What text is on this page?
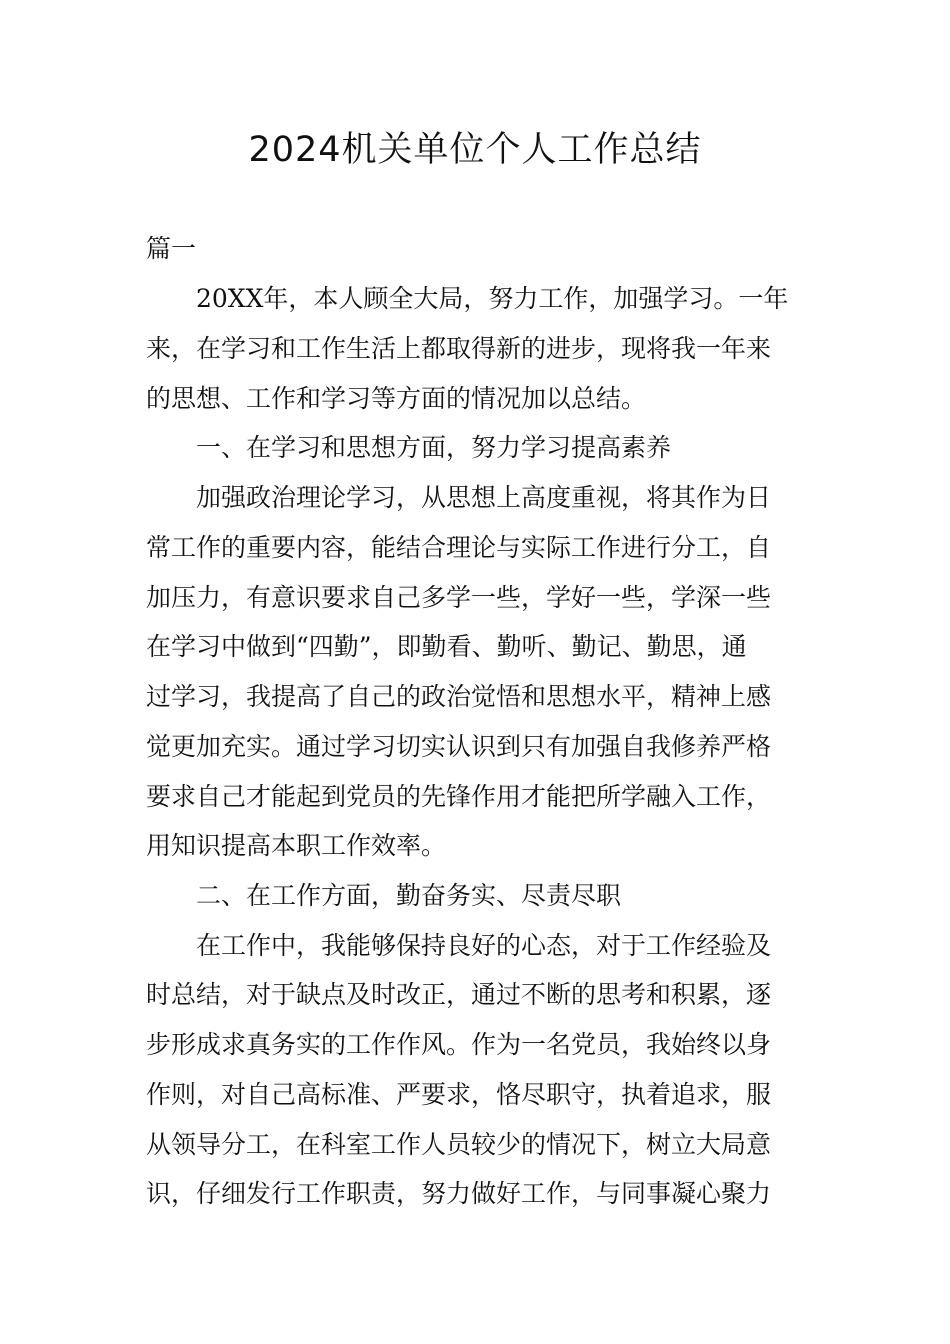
2024机关单位个人工作总结

篇一

20XX年，本人顾全大局，努力工作，加强学习。一年

来，在学习和工作生活上都取得新的进步，现将我一年来

的思想、工作和学习等方面的情况加以总结。

一、在学习和思想方面，努力学习提高素养

加强政治理论学习，从思想上高度重视，将其作为日

常工作的重要内容，能结合理论与实际工作进行分工，自

加压力，有意识要求自己多学一些，学好一些，学深一些

在学习中做到“四勤”，即勤看、勤听、勤记、勤思，通

过学习，我提高了自己的政治觉悟和思想水平，精神上感

觉更加充实。通过学习切实认识到只有加强自我修养严格

要求自己才能起到党员的先锋作用才能把所学融入工作，

用知识提高本职工作效率。

二、在工作方面，勤奋务实、尽责尽职

在工作中，我能够保持良好的心态，对于工作经验及

时总结，对于缺点及时改正，通过不断的思考和积累，逐

步形成求真务实的工作作风。作为一名党员，我始终以身

作则，对自己高标准、严要求，恪尽职守，执着追求，服

从领导分工，在科室工作人员较少的情况下，树立大局意

识，仔细发行工作职责，努力做好工作，与同事凝心聚力
